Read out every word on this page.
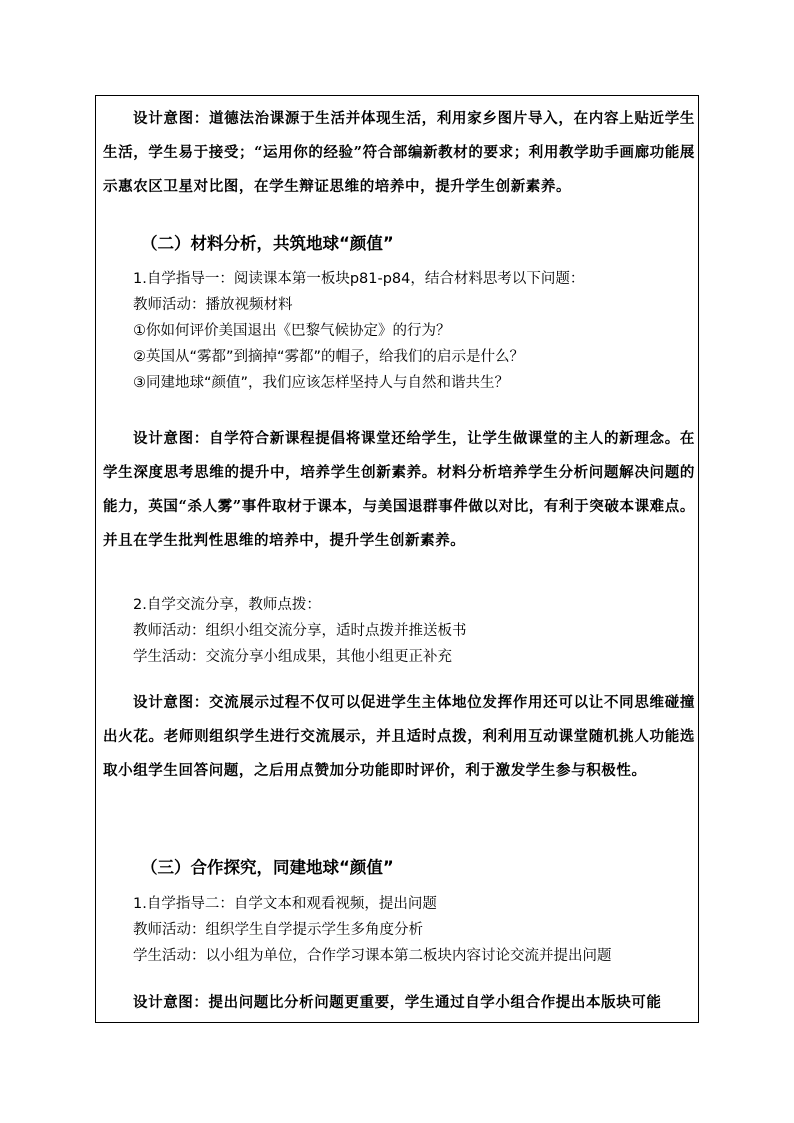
设计意图：道德法治课源于生活并体现生活，利用家乡图片导入，在内容上贴近学生生活，学生易于接受；“运用你的经验”符合部编新教材的要求；利用教学助手画廊功能展示惠农区卫星对比图，在学生辩证思维的培养中，提升学生创新素养。

（二）材料分析，共筑地球“颜值”

1.自学指导一：阅读课本第一板块p81-p84，结合材料思考以下问题：

教师活动：播放视频材料

①你如何评价美国退出《巴黎气候协定》的行为？

②英国从“雾都”到摘掉“雾都”的帽子，给我们的启示是什么？

③同建地球“颜值”，我们应该怎样坚持人与自然和谐共生？

设计意图：自学符合新课程提倡将课堂还给学生，让学生做课堂的主人的新理念。在学生深度思考思维的提升中，培养学生创新素养。材料分析培养学生分析问题解决问题的能力，英国“杀人雾”事件取材于课本，与美国退群事件做以对比，有利于突破本课难点。并且在学生批判性思维的培养中，提升学生创新素养。

2.自学交流分享，教师点拨：

教师活动：组织小组交流分享，适时点拨并推送板书

学生活动：交流分享小组成果，其他小组更正补充

设计意图：交流展示过程不仅可以促进学生主体地位发挥作用还可以让不同思维碰撞出火花。老师则组织学生进行交流展示，并且适时点拨，利利用互动课堂随机挑人功能选取小组学生回答问题，之后用点赞加分功能即时评价，利于激发学生参与积极性。

（三）合作探究，同建地球“颜值”

1.自学指导二：自学文本和观看视频，提出问题

教师活动：组织学生自学提示学生多角度分析

学生活动：以小组为单位，合作学习课本第二板块内容讨论交流并提出问题

设计意图：提出问题比分析问题更重要，学生通过自学小组合作提出本版块可能
